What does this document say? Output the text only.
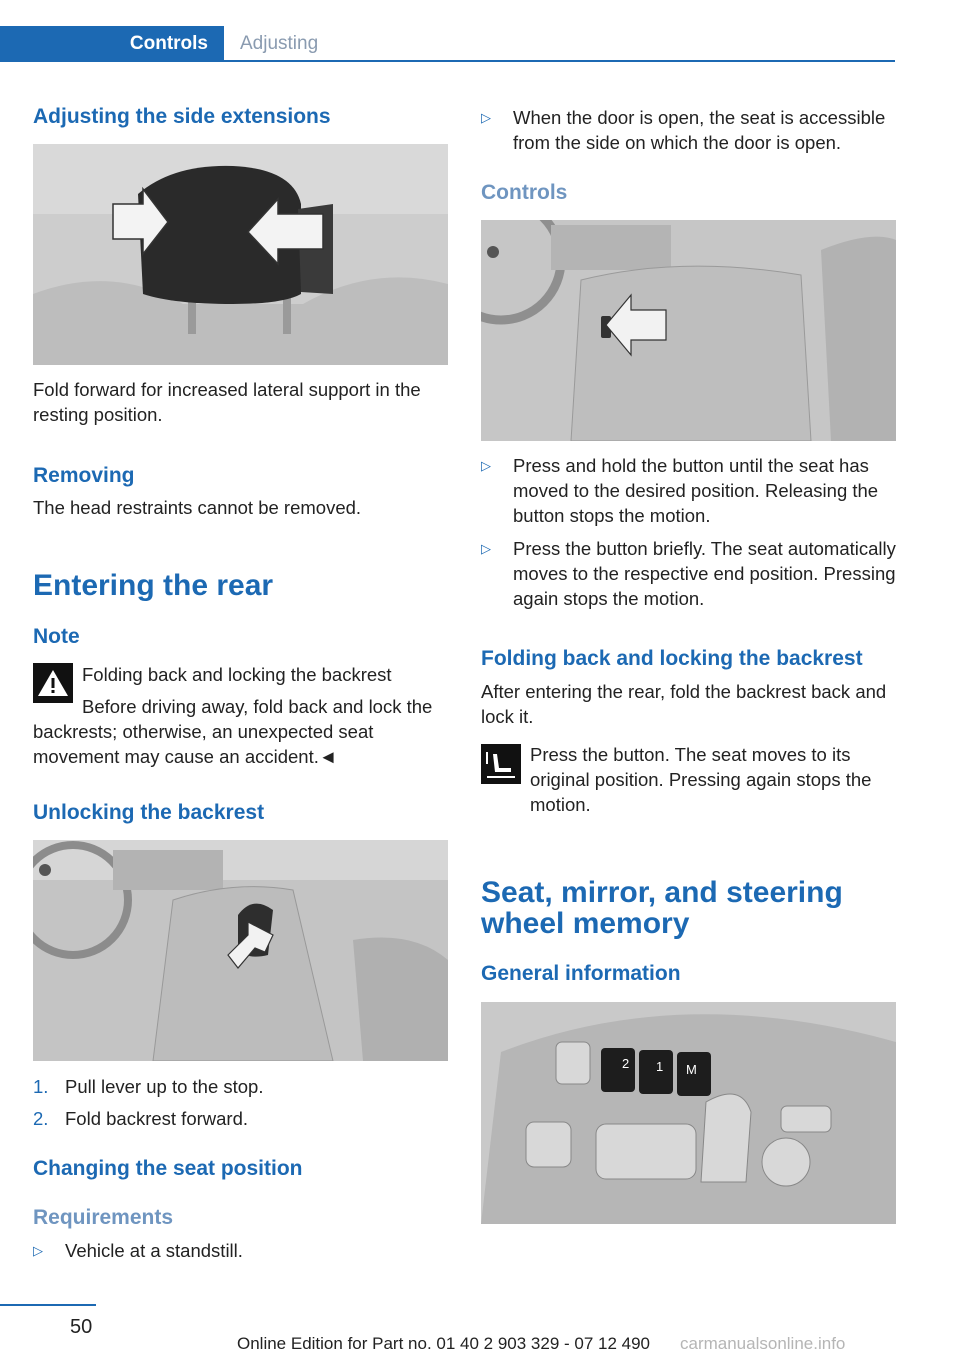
Controls	Adjusting
Adjusting the side extensions
Fold forward for increased lateral support in the resting position.
Removing
The head restraints cannot be removed.
Entering the rear
Note
Folding back and locking the backrest
Before driving away, fold back and lock the
backrests; otherwise, an unexpected seat movement may cause an accident.◄
Unlocking the backrest
1. Pull lever up to the stop.
2. Fold backrest forward.
Changing the seat position
Requirements
▷	Vehicle at a standstill.
▷	When the door is open, the seat is accessible from the side on which the door is open.
Controls
▷	Press and hold the button until the seat has moved to the desired position. Releasing the button stops the motion.
▷	Press the button briefly. The seat automatically moves to the respective end position. Pressing again stops the motion.
Folding back and locking the backrest
After entering the rear, fold the backrest back and lock it.
Press the button. The seat moves to its
original position. Pressing again stops the motion.
Seat, mirror, and steering
wheel memory
General information
2 1 M
50
Online Edition for Part no. 01 40 2 903 329 - 07 12 490 carmanualsonline.info
